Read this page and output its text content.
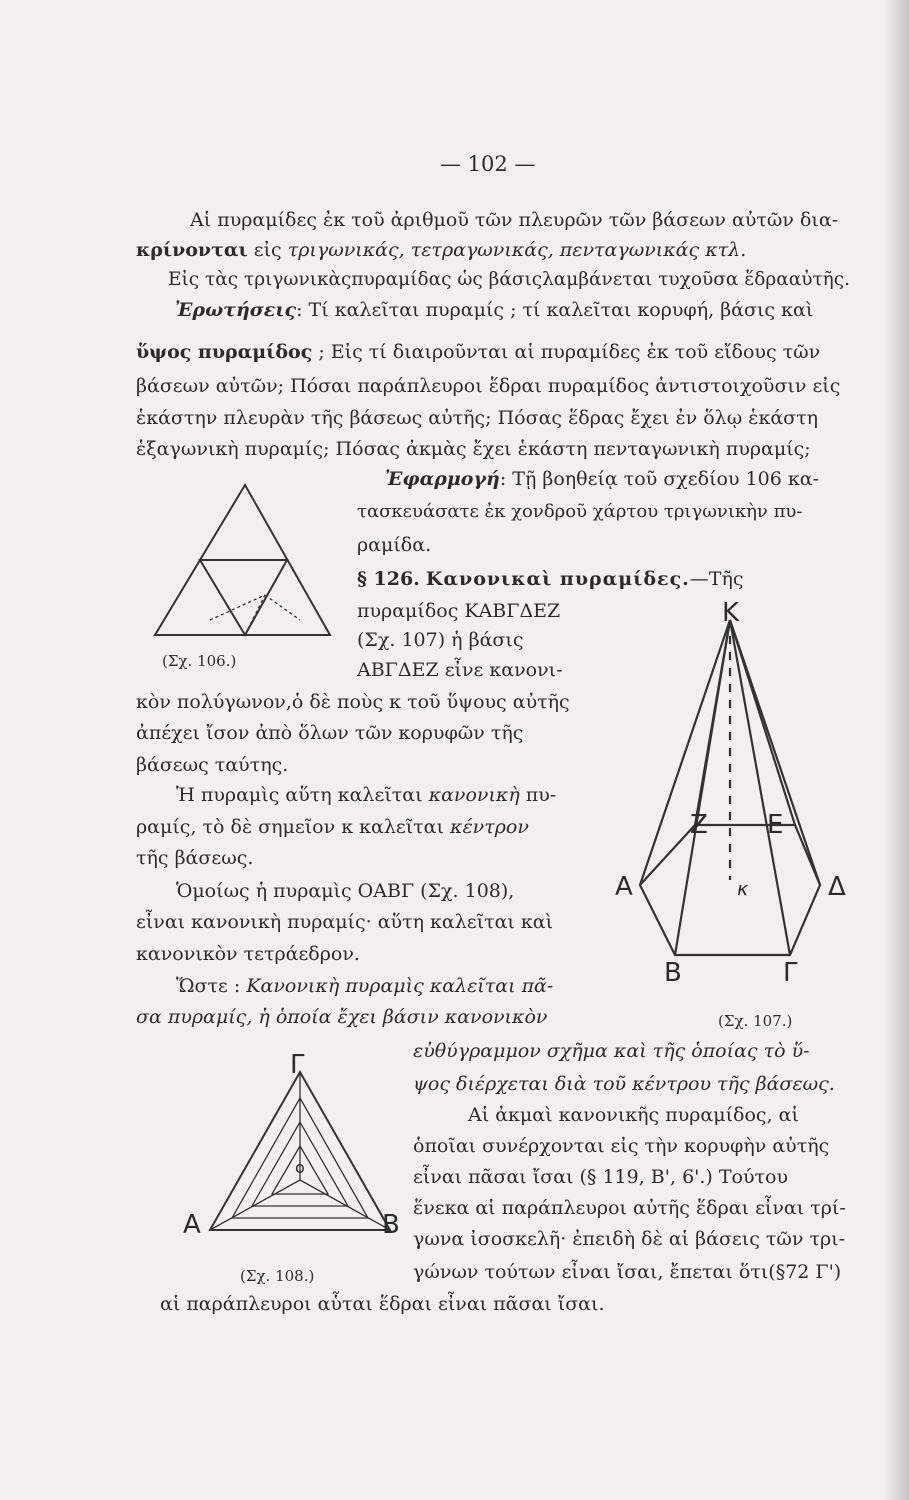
— 102 —
Αἱ πυραμίδες ἐκ τοῦ ἀριθμοῦ τῶν πλευρῶν τῶν βάσεων αὐτῶν δια-
κρίνονται εἰς τριγωνικάς, τετραγωνικάς, πενταγωνικάς κτλ.
Εἰς τὰς τριγωνικὰςπυραμίδας ὡς βάσιςλαμβάνεται τυχοῦσα ἕδρααὐτῆς.
Ἐρωτήσεις: Τί καλεῖται πυραμίς ; τί καλεῖται κορυφή, βάσις καὶ
ὕψος πυραμίδος ; Εἰς τί διαιροῦνται αἱ πυραμίδες ἐκ τοῦ εἴδους τῶν
βάσεων αὐτῶν; Πόσαι παράπλευροι ἕδραι πυραμίδος ἀντιστοιχοῦσιν εἰς
ἑκάστην πλευρὰν τῆς βάσεως αὐτῆς; Πόσας ἕδρας ἔχει ἐν ὅλῳ ἑκάστη
ἑξαγωνικὴ πυραμίς; Πόσας ἀκμὰς ἔχει ἑκάστη πενταγωνικὴ πυραμίς;
Ἐφαρμογή: Τῇ βοηθείᾳ τοῦ σχεδίου 106 κα-
τασκευάσατε ἐκ χονδροῦ χάρτου τριγωνικὴν πυ-
ραμίδα.
(Σχ. 106.)
§ 126. Κανονικαὶ πυραμίδες.—Τῆς
πυραμίδος ΚΑΒΓΔΕΖ
(Σχ. 107) ἡ βάσις
ΑΒΓΔΕΖ εἶνε κανονι-
κὸν πολύγωνον,ὁ δὲ ποὺς κ τοῦ ὕψους αὐτῆς
ἀπέχει ἴσον ἀπὸ ὅλων τῶν κορυφῶν τῆς
βάσεως ταύτης.
Ἡ πυραμὶς αὕτη καλεῖται κανονικὴ πυ-
ραμίς, τὸ δὲ σημεῖον κ καλεῖται κέντρον
τῆς βάσεως.
Ὁμοίως ἡ πυραμὶς ΟΑΒΓ (Σχ. 108),
εἶναι κανονικὴ πυραμίς· αὕτη καλεῖται καὶ
κανονικὸν τετράεδρον.
Κ
Ζ Ε
Α	Δ
Β	Γ
κ
(Σχ. 107.)
Ὥστε : Κανονικὴ πυραμὶς καλεῖται πᾶ-
σα πυραμίς, ἡ ὁποία ἔχει βάσιν κανονικὸν
εὐθύγραμμον σχῆμα καὶ τῆς ὁποίας τὸ ὕ-
ψος διέρχεται διὰ τοῦ κέντρου τῆς βάσεως.
Αἱ ἀκμαὶ κανονικῆς πυραμίδος, αἱ
ὁποῖαι συνέρχονται εἰς τὴν κορυφὴν αὐτῆς
εἶναι πᾶσαι ἴσαι (§ 119, Β', 6'.) Τούτου
ἕνεκα αἱ παράπλευροι αὐτῆς ἕδραι εἶναι τρί-
γωνα ἰσοσκελῆ· ἐπειδὴ δὲ αἱ βάσεις τῶν τρι-
γώνων τούτων εἶναι ἴσαι, ἔπεται ὅτι(§72 Γ')
αἱ παράπλευροι αὗται ἕδραι εἶναι πᾶσαι ἴσαι.
Γ
Α	Β
ο
(Σχ. 108.)
